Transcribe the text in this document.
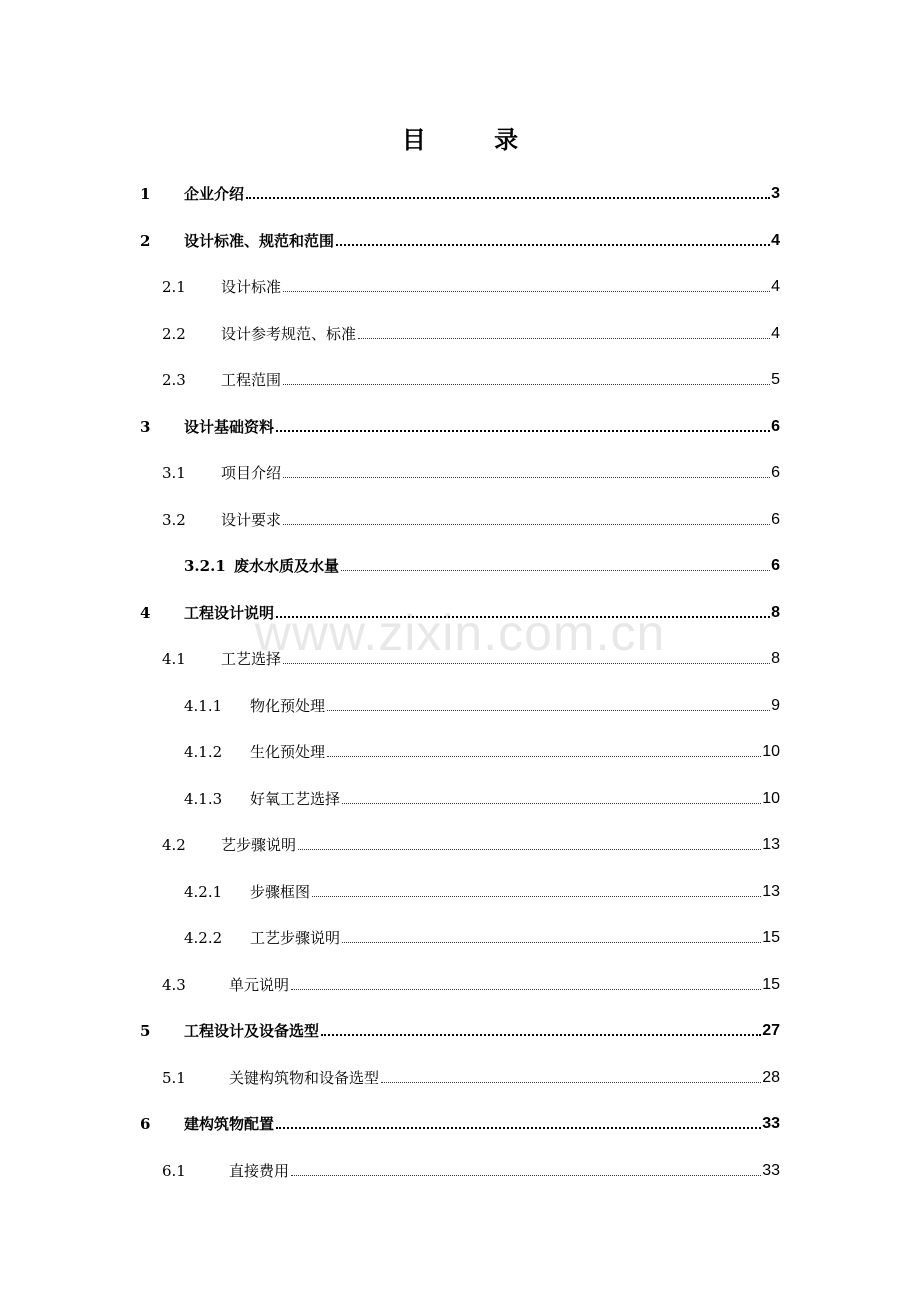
目 录
www.zixin.com.cn
1	企业介绍	3
2	设计标准、规范和范围	4
2.1	设计标准	4
2.2	设计参考规范、标准	4
2.3	工程范围	5
3	设计基础资料	6
3.1	项目介绍	6
3.2	设计要求	6
3.2.1 废水水质及水量	6
4	工程设计说明	8
4.1	工艺选择	8
4.1.1	物化预处理	9
4.1.2	生化预处理	10
4.1.3	好氧工艺选择	10
4.2	艺步骤说明	13
4.2.1	步骤框图	13
4.2.2	工艺步骤说明	15
4.3	单元说明	15
5	工程设计及设备选型	27
5.1	关键构筑物和设备选型	28
6	建构筑物配置	33
6.1	直接费用	33
